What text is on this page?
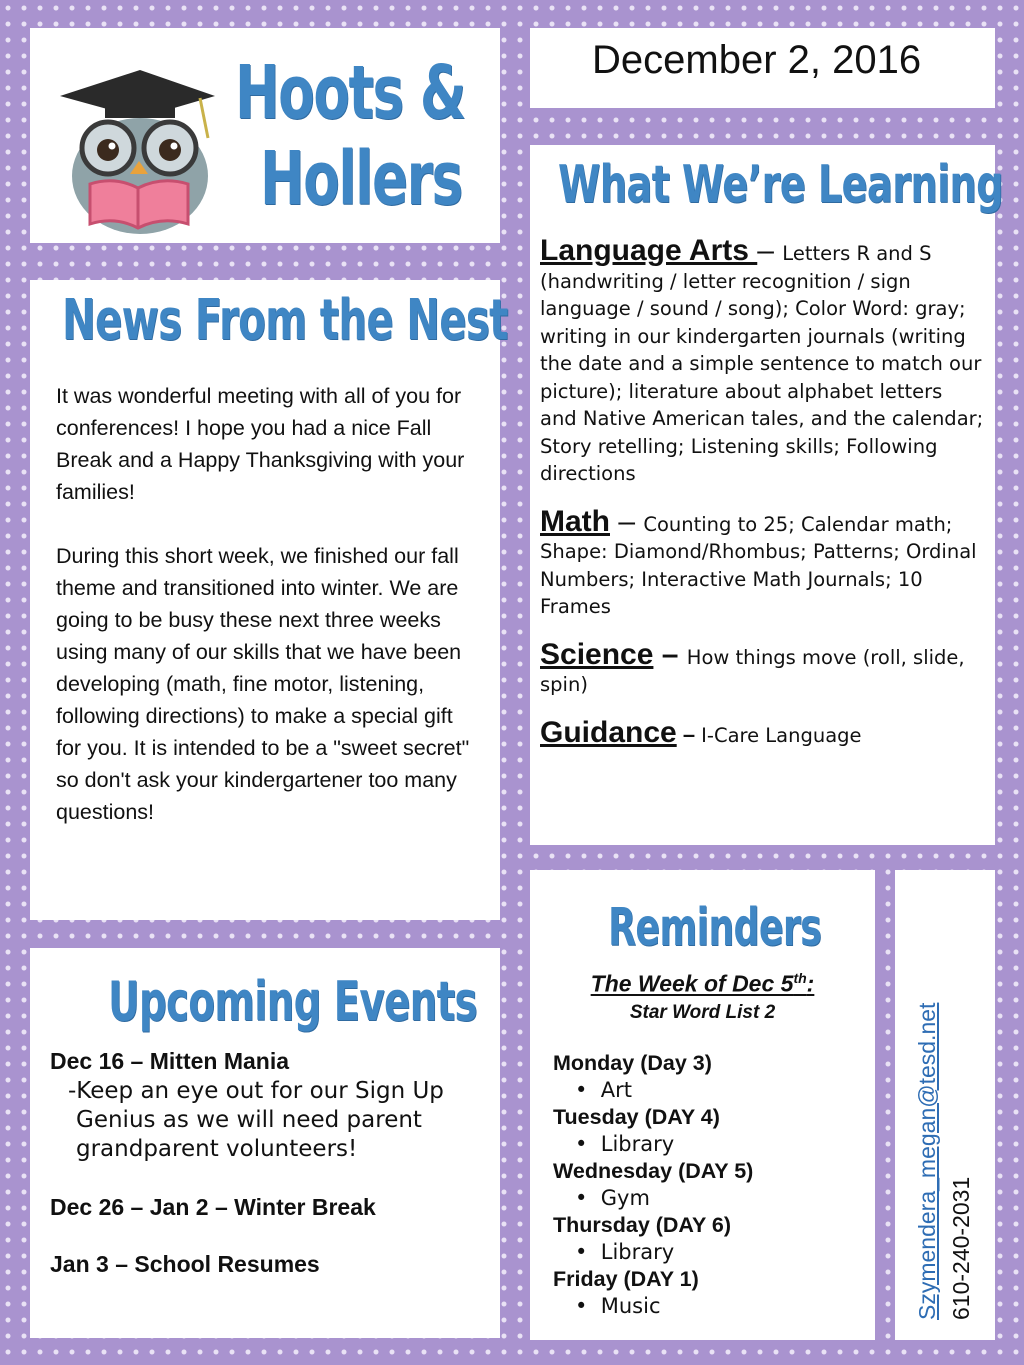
Hoots &
Hollers
December 2, 2016
News From the Nest

It was wonderful meeting with all of you for conferences! I hope you had a nice Fall Break and a Happy Thanksgiving with your families!

During this short week, we finished our fall theme and transitioned into winter. We are going to be busy these next three weeks using many of our skills that we have been developing (math, fine motor, listening, following directions) to make a special gift for you. It is intended to be a "sweet secret" so don't ask your kindergartener too many questions!

What We’re Learning
Language Arts – Letters R and S (handwriting / letter recognition / sign language / sound / song); Color Word: gray; writing in our kindergarten journals (writing the date and a simple sentence to match our picture); literature about alphabet letters and Native American tales, and the calendar; Story retelling; Listening skills; Following directions
Math – Counting to 25; Calendar math; Shape: Diamond/Rhombus; Patterns; Ordinal Numbers; Interactive Math Journals; 10 Frames
Science – How things move (roll, slide, spin)
Guidance – I-Care Language
Upcoming Events
Dec 16 – Mitten Mania
-Keep an eye out for our Sign Up Genius as we will need parent grandparent volunteers!
Dec 26 – Jan 2 – Winter Break
Jan 3 – School Resumes
Reminders
The Week of Dec 5th:
Star Word List 2
Monday (Day 3)
•  Art
Tuesday (DAY 4)
•  Library
Wednesday (DAY 5)
•  Gym
Thursday (DAY 6)
•  Library
Friday (DAY 1)
•  Music	Szymendera_megan@tesd.net 610-240-2031
